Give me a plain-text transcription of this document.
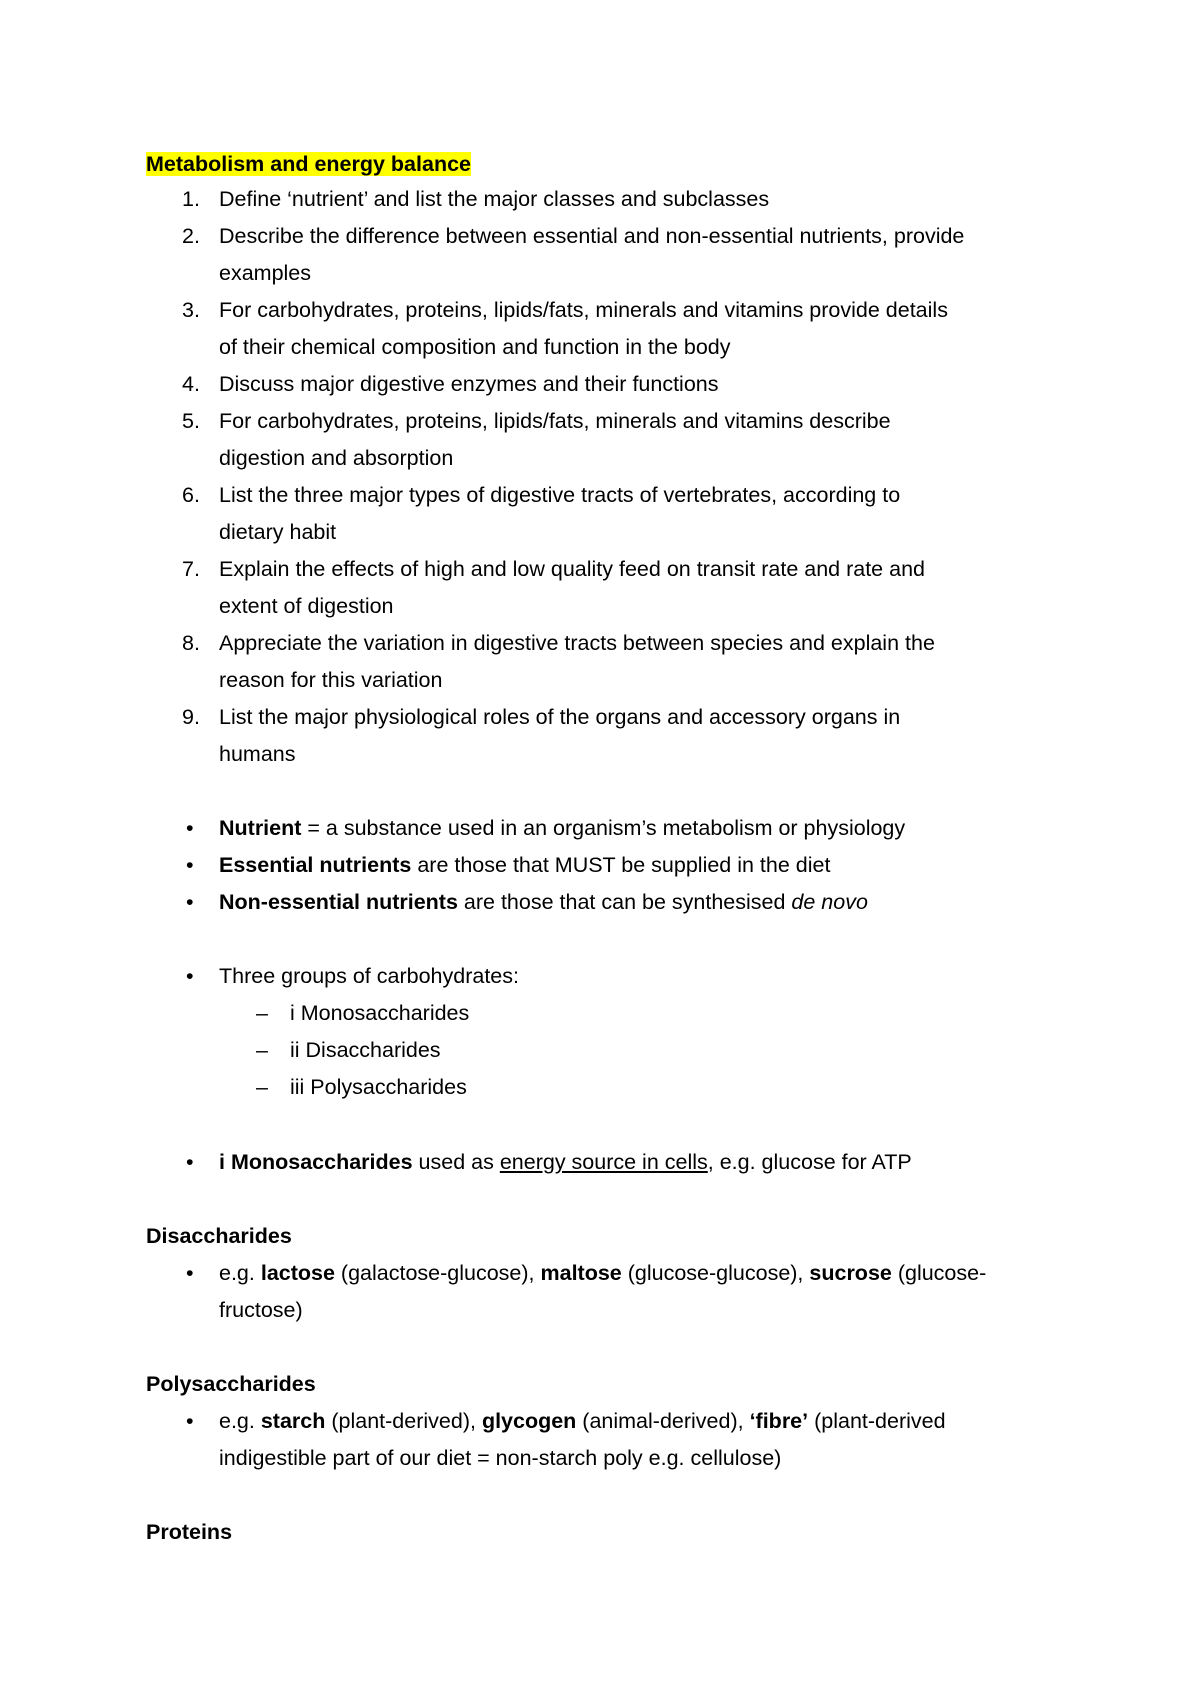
Metabolism and energy balance
1. Define ‘nutrient’ and list the major classes and subclasses
2. Describe the difference between essential and non-essential nutrients, provide
examples
3. For carbohydrates, proteins, lipids/fats, minerals and vitamins provide details
of their chemical composition and function in the body
4. Discuss major digestive enzymes and their functions
5. For carbohydrates, proteins, lipids/fats, minerals and vitamins describe
digestion and absorption
6. List the three major types of digestive tracts of vertebrates, according to
dietary habit
7. Explain the effects of high and low quality feed on transit rate and rate and
extent of digestion
8. Appreciate the variation in digestive tracts between species and explain the
reason for this variation
9. List the major physiological roles of the organs and accessory organs in
humans
• Nutrient = a substance used in an organism’s metabolism or physiology
• Essential nutrients are those that MUST be supplied in the diet
• Non-essential nutrients are those that can be synthesised de novo
• Three groups of carbohydrates:
– i Monosaccharides
– ii Disaccharides
– iii Polysaccharides
• i Monosaccharides used as energy source in cells, e.g. glucose for ATP
Disaccharides
• e.g. lactose (galactose-glucose), maltose (glucose-glucose), sucrose (glucose-
fructose)
Polysaccharides
• e.g. starch (plant-derived), glycogen (animal-derived), ‘fibre’ (plant-derived
indigestible part of our diet = non-starch poly e.g. cellulose)
Proteins
